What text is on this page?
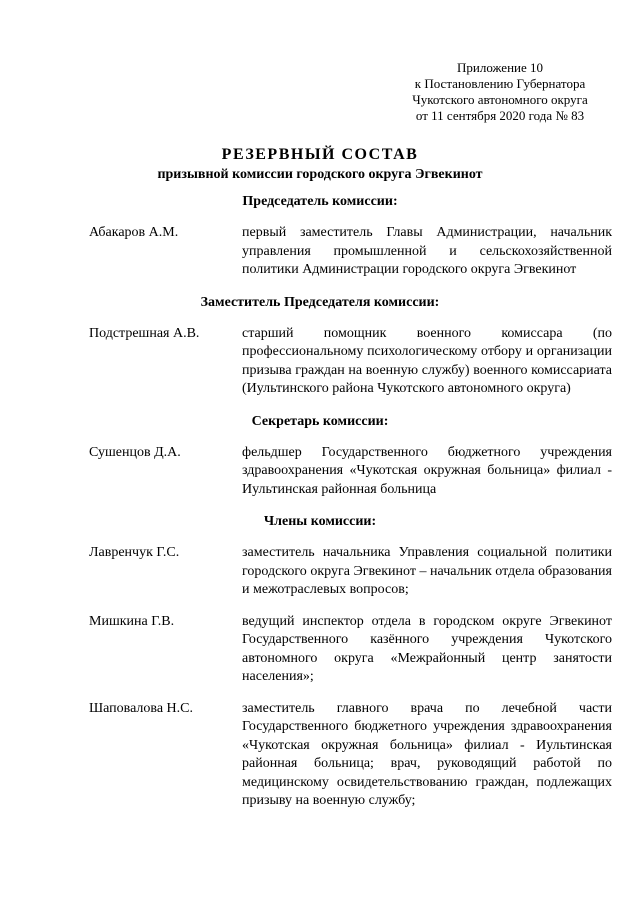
Приложение 10
к Постановлению Губернатора
Чукотского автономного округа
от 11 сентября 2020 года № 83
РЕЗЕРВНЫЙ СОСТАВ
призывной комиссии городского округа Эгвекинот
Председатель комиссии:
Абакаров А.М.	первый заместитель Главы Администрации, начальник управления промышленной и сельскохозяйственной политики Администрации городского округа Эгвекинот
Заместитель Председателя комиссии:
Подстрешная А.В.	старший помощник военного комиссара (по профессиональному психологическому отбору и организации призыва граждан на военную службу) военного комиссариата (Иультинского района Чукотского автономного округа)
Секретарь комиссии:
Сушенцов Д.А.	фельдшер Государственного бюджетного учреждения здравоохранения «Чукотская окружная больница» филиал - Иультинская районная больница
Члены комиссии:
Лавренчук Г.С.	заместитель начальника Управления социальной политики городского округа Эгвекинот – начальник отдела образования и межотраслевых вопросов;
Мишкина Г.В.	ведущий инспектор отдела в городском округе Эгвекинот Государственного казённого учреждения Чукотского автономного округа «Межрайонный центр занятости населения»;
Шаповалова Н.С.	заместитель главного врача по лечебной части Государственного бюджетного учреждения здравоохранения «Чукотская окружная больница» филиал - Иультинская районная больница; врач, руководящий работой по медицинскому освидетельствованию граждан, подлежащих призыву на военную службу;
